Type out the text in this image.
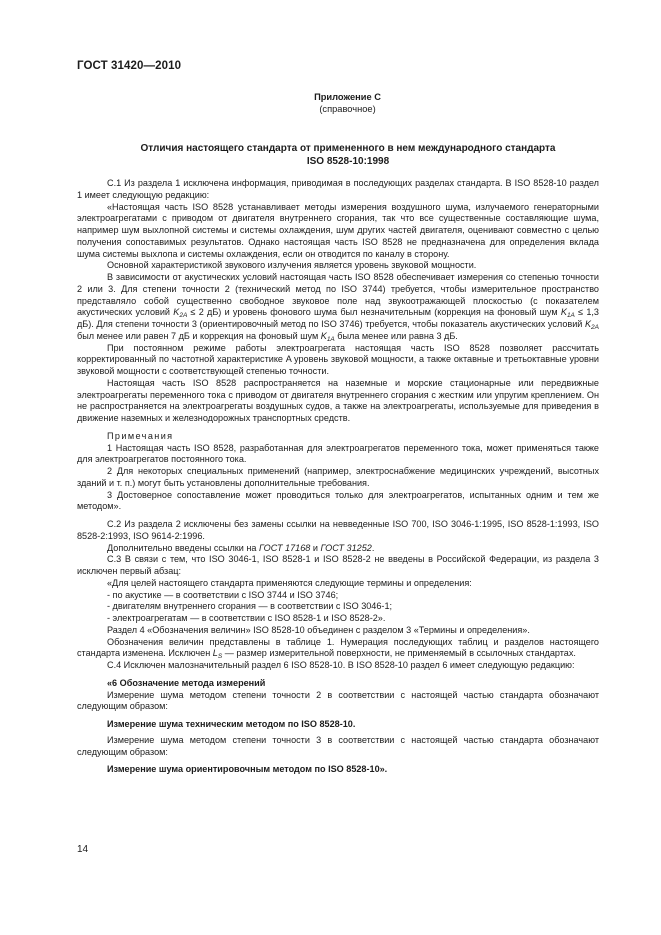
ГОСТ 31420—2010
Приложение С
(справочное)
Отличия настоящего стандарта от примененного в нем международного стандарта
ISO 8528-10:1998

С.1 Из раздела 1 исключена информация, приводимая в последующих разделах стандарта. В ISO 8528-10 раздел 1 имеет следующую редакцию:

«Настоящая часть ISO 8528 устанавливает методы измерения воздушного шума, излучаемого генераторными электроагрегатами с приводом от двигателя внутреннего сгорания, так что все существенные составляющие шума, например шум выхлопной системы и системы охлаждения, шум других частей двигателя, оценивают совместно с целью получения сопоставимых результатов. Однако настоящая часть ISO 8528 не предназначена для определения вклада шума системы выхлопа и системы охлаждения, если он отводится по каналу в сторону.

Основной характеристикой звукового излучения является уровень звуковой мощности.

В зависимости от акустических условий настоящая часть ISO 8528 обеспечивает измерения со степенью точности 2 или 3. Для степени точности 2 (технический метод по ISO 3744) требуется, чтобы измерительное пространство представляло собой существенно свободное звуковое поле над звукоотражающей плоскостью (с показателем акустических условий $K_{2A} \le 2$ дБ) и уровень фонового шума был незначительным (коррекция на фоновый шум $K_{1A} \le 1,3$ дБ). Для степени точности 3 (ориентировочный метод по ISO 3746) требуется, чтобы показатель акустических условий $K_{2A}$ был менее или равен 7 дБ и коррекция на фоновый шум $K_{1A}$ была менее или равна 3 дБ.

При постоянном режиме работы электроагрегата настоящая часть ISO 8528 позволяет рассчитать корректированный по частотной характеристике A уровень звуковой мощности, а также октавные и третьоктавные уровни звуковой мощности с соответствующей степенью точности.

Настоящая часть ISO 8528 распространяется на наземные и морские стационарные или передвижные электроагрегаты переменного тока с приводом от двигателя внутреннего сгорания с жестким или упругим креплением. Он не распространяется на электроагрегаты воздушных судов, а также на электроагрегаты, используемые для приведения в движение наземных и железнодорожных транспортных средств.

Примечания

1 Настоящая часть ISO 8528, разработанная для электроагрегатов переменного тока, может применяться также для электроагрегатов постоянного тока.

2 Для некоторых специальных применений (например, электроснабжение медицинских учреждений, высотных зданий и т. п.) могут быть установлены дополнительные требования.

3 Достоверное сопоставление может проводиться только для электроагрегатов, испытанных одним и тем же методом».

С.2 Из раздела 2 исключены без замены ссылки на невведенные ISO 700, ISO 3046-1:1995, ISO 8528-1:1993, ISO 8528-2:1993, ISO 9614-2:1996.

Дополнительно введены ссылки на ГОСТ 17168 и ГОСТ 31252.

С.3 В связи с тем, что ISO 3046-1, ISO 8528-1 и ISO 8528-2 не введены в Российской Федерации, из раздела 3 исключен первый абзац:

«Для целей настоящего стандарта применяются следующие термины и определения:

- по акустике — в соответствии с ISO 3744 и ISO 3746;

- двигателям внутреннего сгорания — в соответствии с ISO 3046-1;

- электроагрегатам — в соответствии с ISO 8528-1 и ISO 8528-2».

Раздел 4 «Обозначения величин» ISO 8528-10 объединен с разделом 3 «Термины и определения».

Обозначения величин представлены в таблице 1. Нумерация последующих таблиц и разделов настоящего стандарта изменена. Исключен $L_S$ — размер измерительной поверхности, не применяемый в ссылочных стандартах.

С.4 Исключен малозначительный раздел 6 ISO 8528-10. В ISO 8528-10 раздел 6 имеет следующую редакцию:

«6 Обозначение метода измерений

Измерение шума методом степени точности 2 в соответствии с настоящей частью стандарта обозначают следующим образом:

Измерение шума техническим методом по ISO 8528-10.

Измерение шума методом степени точности 3 в соответствии с настоящей частью стандарта обозначают следующим образом:

Измерение шума ориентировочным методом по ISO 8528-10».

14
